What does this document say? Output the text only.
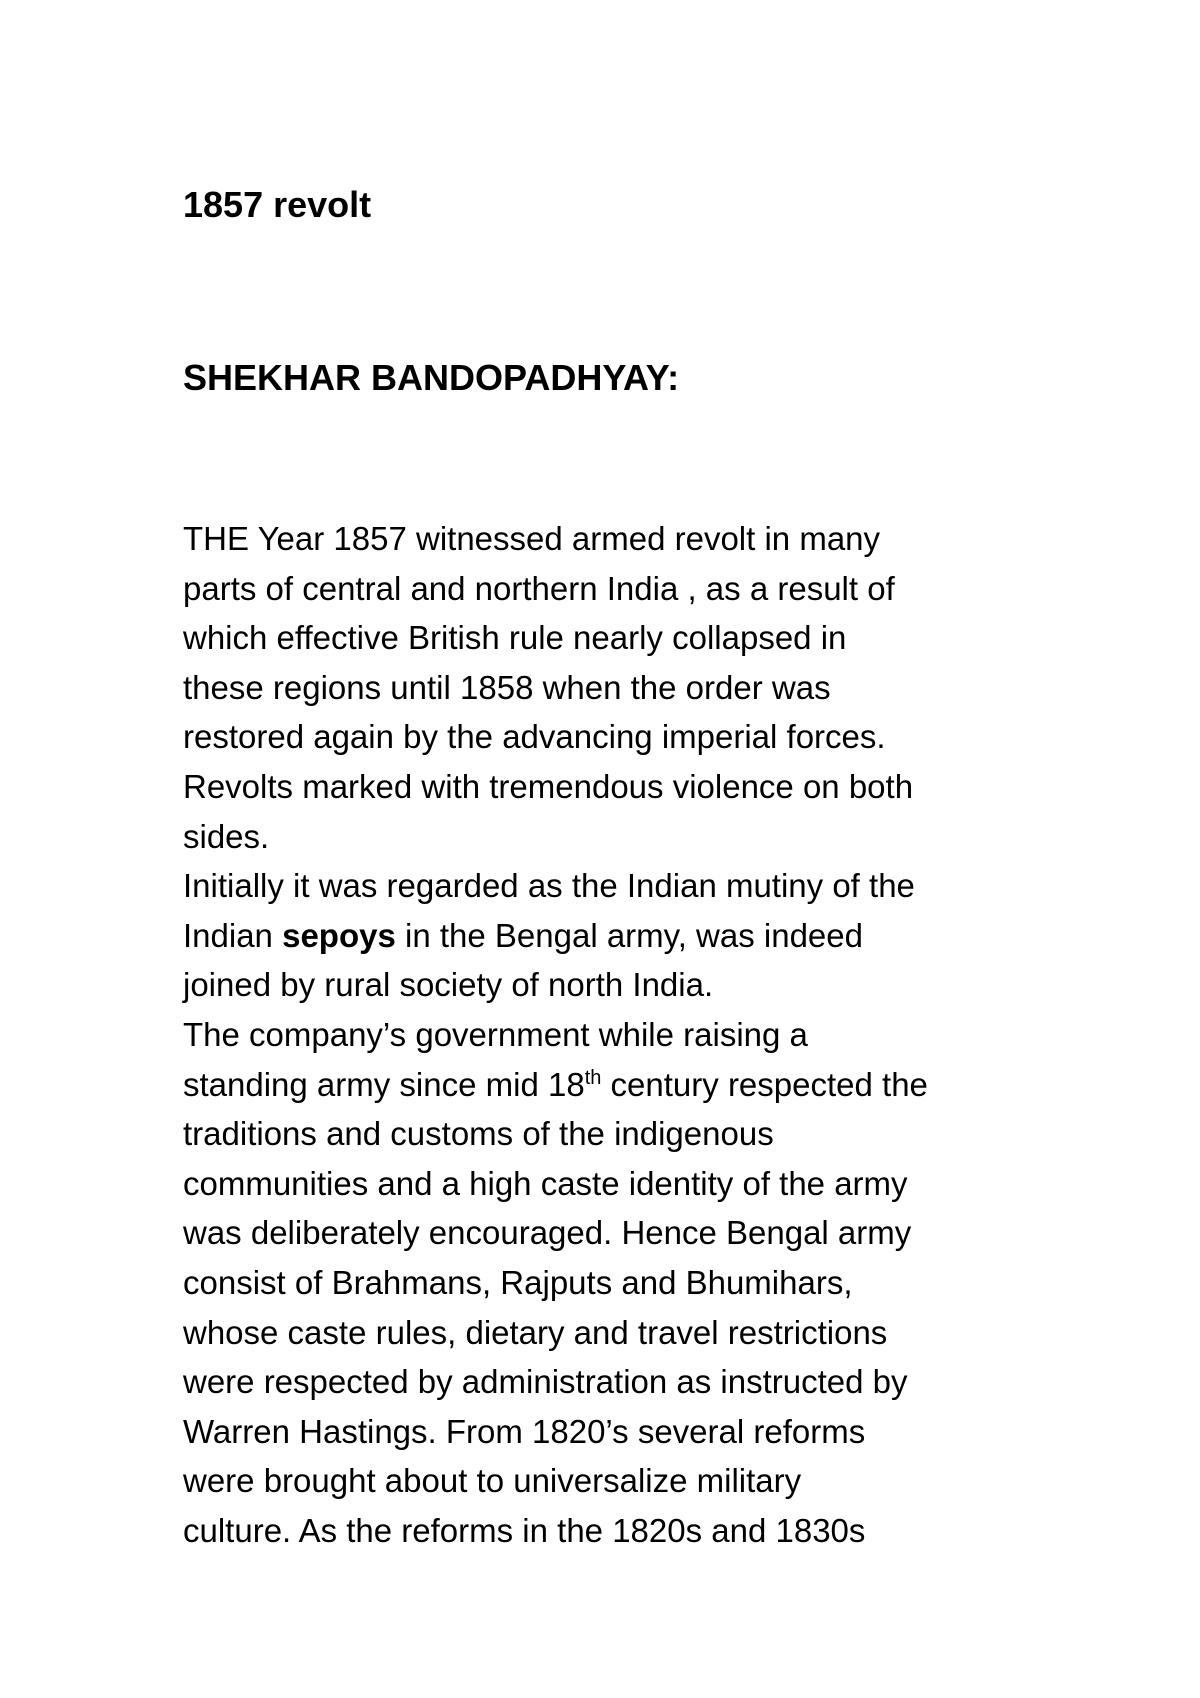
1857 revolt
SHEKHAR BANDOPADHYAY:
THE Year 1857 witnessed armed revolt in many
parts of central and northern India , as a result of
which effective British rule nearly collapsed in
these regions until 1858 when the order was
restored again by the advancing imperial forces.
Revolts marked with tremendous violence on both
sides.
Initially it was regarded as the Indian mutiny of the
Indian sepoys in the Bengal army, was indeed
joined by rural society of north India.
The company’s government while raising a
standing army since mid 18th century respected the
traditions and customs of the indigenous
communities and a high caste identity of the army
was deliberately encouraged. Hence Bengal army
consist of Brahmans, Rajputs and Bhumihars,
whose caste rules, dietary and travel restrictions
were respected by administration as instructed by
Warren Hastings. From 1820’s several reforms
were brought about to universalize military
culture. As the reforms in the 1820s and 1830s
